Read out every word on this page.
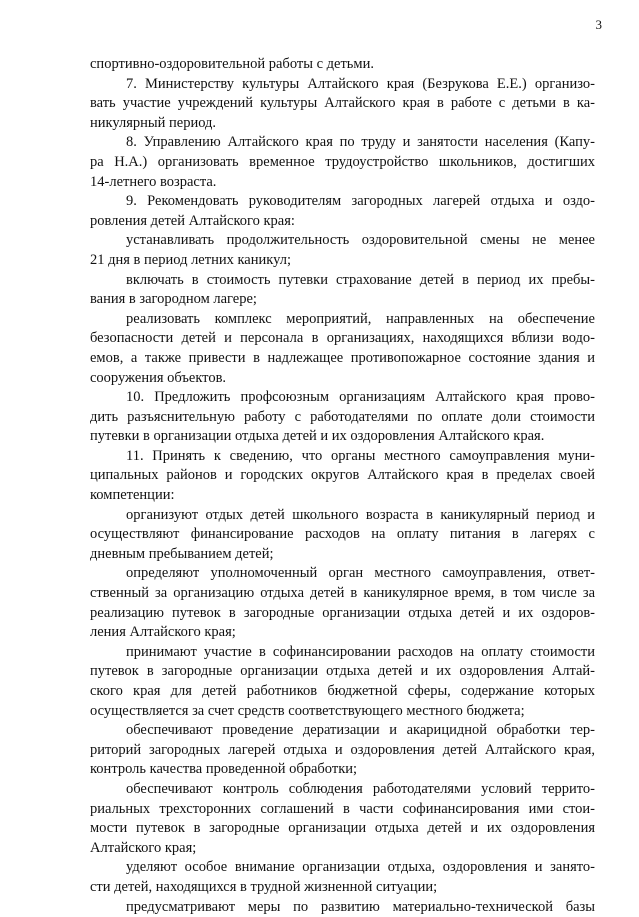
3
спортивно-оздоровительной работы с детьми.
7. Министерству культуры Алтайского края (Безрукова Е.Е.) организо-
вать участие учреждений культуры Алтайского края в работе с детьми в ка-
никулярный период.
8. Управлению Алтайского края по труду и занятости населения (Капу-
ра Н.А.) организовать временное трудоустройство школьников, достигших
14-летнего возраста.
9. Рекомендовать руководителям загородных лагерей отдыха и оздо-
ровления детей Алтайского края:
устанавливать продолжительность оздоровительной смены не менее
21 дня в период летних каникул;
включать в стоимость путевки страхование детей в период их пребы-
вания в загородном лагере;
реализовать комплекс мероприятий, направленных на обеспечение
безопасности детей и персонала в организациях, находящихся вблизи водо-
емов, а также привести в надлежащее противопожарное состояние здания и
сооружения объектов.
10. Предложить профсоюзным организациям Алтайского края прово-
дить разъяснительную работу с работодателями по оплате доли стоимости
путевки в организации отдыха детей и их оздоровления Алтайского края.
11. Принять к сведению, что органы местного самоуправления муни-
ципальных районов и городских округов Алтайского края в пределах своей
компетенции:
организуют отдых детей школьного возраста в каникулярный период и
осуществляют финансирование расходов на оплату питания в лагерях с
дневным пребыванием детей;
определяют уполномоченный орган местного самоуправления, ответ-
ственный за организацию отдыха детей в каникулярное время, в том числе за
реализацию путевок в загородные организации отдыха детей и их оздоров-
ления Алтайского края;
принимают участие в софинансировании расходов на оплату стоимости
путевок в загородные организации отдыха детей и их оздоровления Алтай-
ского края для детей работников бюджетной сферы, содержание которых
осуществляется за счет средств соответствующего местного бюджета;
обеспечивают проведение дератизации и акарицидной обработки тер-
риторий загородных лагерей отдыха и оздоровления детей Алтайского края,
контроль качества проведенной обработки;
обеспечивают контроль соблюдения работодателями условий террито-
риальных трехсторонних соглашений в части софинансирования ими стои-
мости путевок в загородные организации отдыха детей и их оздоровления
Алтайского края;
уделяют особое внимание организации отдыха, оздоровления и занято-
сти детей, находящихся в трудной жизненной ситуации;
предусматривают меры по развитию материально-технической базы
